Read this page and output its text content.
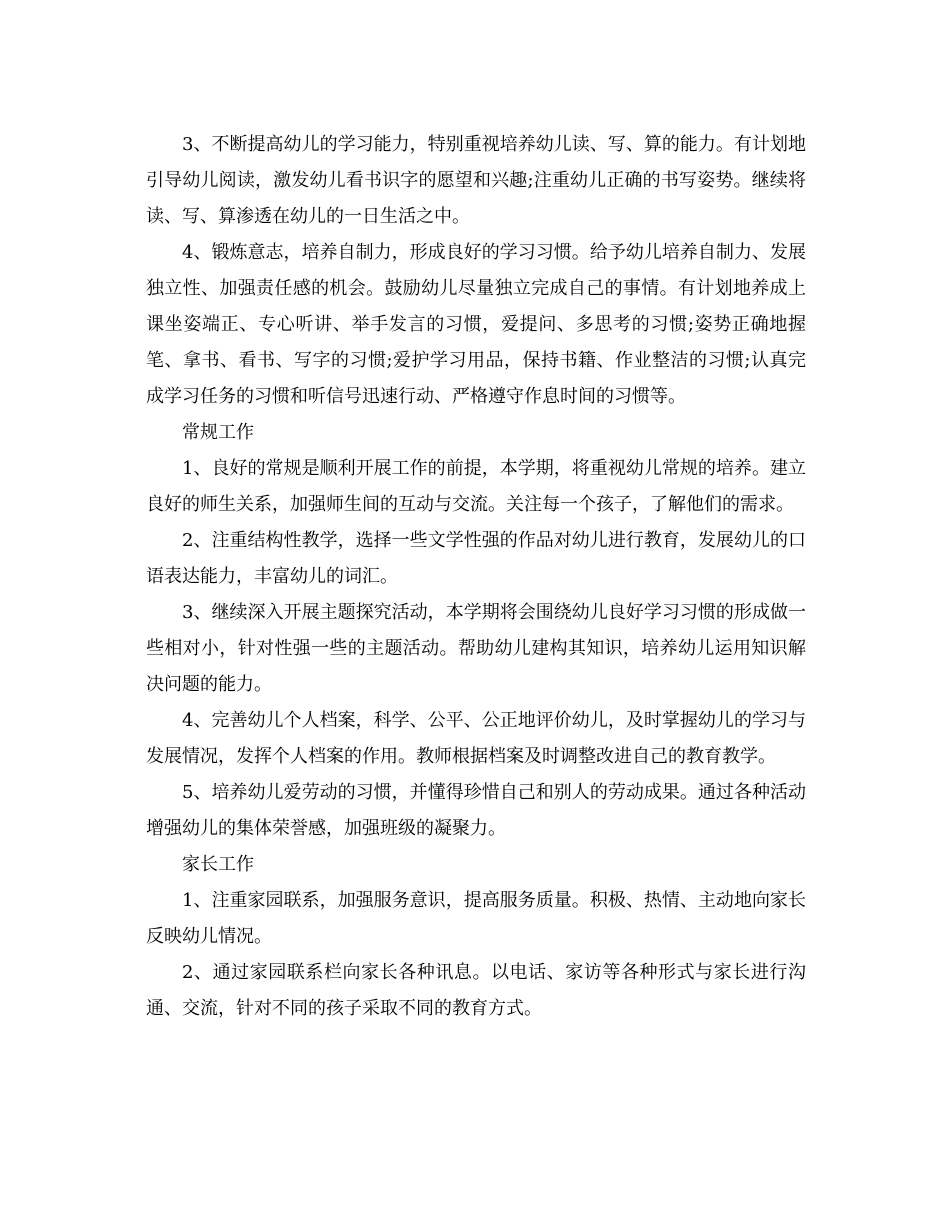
3、不断提高幼儿的学习能力，特别重视培养幼儿读、写、算的能力。有计划地引导幼儿阅读，激发幼儿看书识字的愿望和兴趣;注重幼儿正确的书写姿势。继续将读、写、算渗透在幼儿的一日生活之中。

4、锻炼意志，培养自制力，形成良好的学习习惯。给予幼儿培养自制力、发展独立性、加强责任感的机会。鼓励幼儿尽量独立完成自己的事情。有计划地养成上课坐姿端正、专心听讲、举手发言的习惯，爱提问、多思考的习惯;姿势正确地握笔、拿书、看书、写字的习惯;爱护学习用品，保持书籍、作业整洁的习惯;认真完成学习任务的习惯和听信号迅速行动、严格遵守作息时间的习惯等。

常规工作

1、良好的常规是顺利开展工作的前提，本学期，将重视幼儿常规的培养。建立良好的师生关系，加强师生间的互动与交流。关注每一个孩子，了解他们的需求。

2、注重结构性教学，选择一些文学性强的作品对幼儿进行教育，发展幼儿的口语表达能力，丰富幼儿的词汇。

3、继续深入开展主题探究活动，本学期将会围绕幼儿良好学习习惯的形成做一些相对小，针对性强一些的主题活动。帮助幼儿建构其知识，培养幼儿运用知识解决问题的能力。

4、完善幼儿个人档案，科学、公平、公正地评价幼儿，及时掌握幼儿的学习与发展情况，发挥个人档案的作用。教师根据档案及时调整改进自己的教育教学。

5、培养幼儿爱劳动的习惯，并懂得珍惜自己和别人的劳动成果。通过各种活动增强幼儿的集体荣誉感，加强班级的凝聚力。

家长工作

1、注重家园联系，加强服务意识，提高服务质量。积极、热情、主动地向家长反映幼儿情况。

2、通过家园联系栏向家长各种讯息。以电话、家访等各种形式与家长进行沟通、交流，针对不同的孩子采取不同的教育方式。
